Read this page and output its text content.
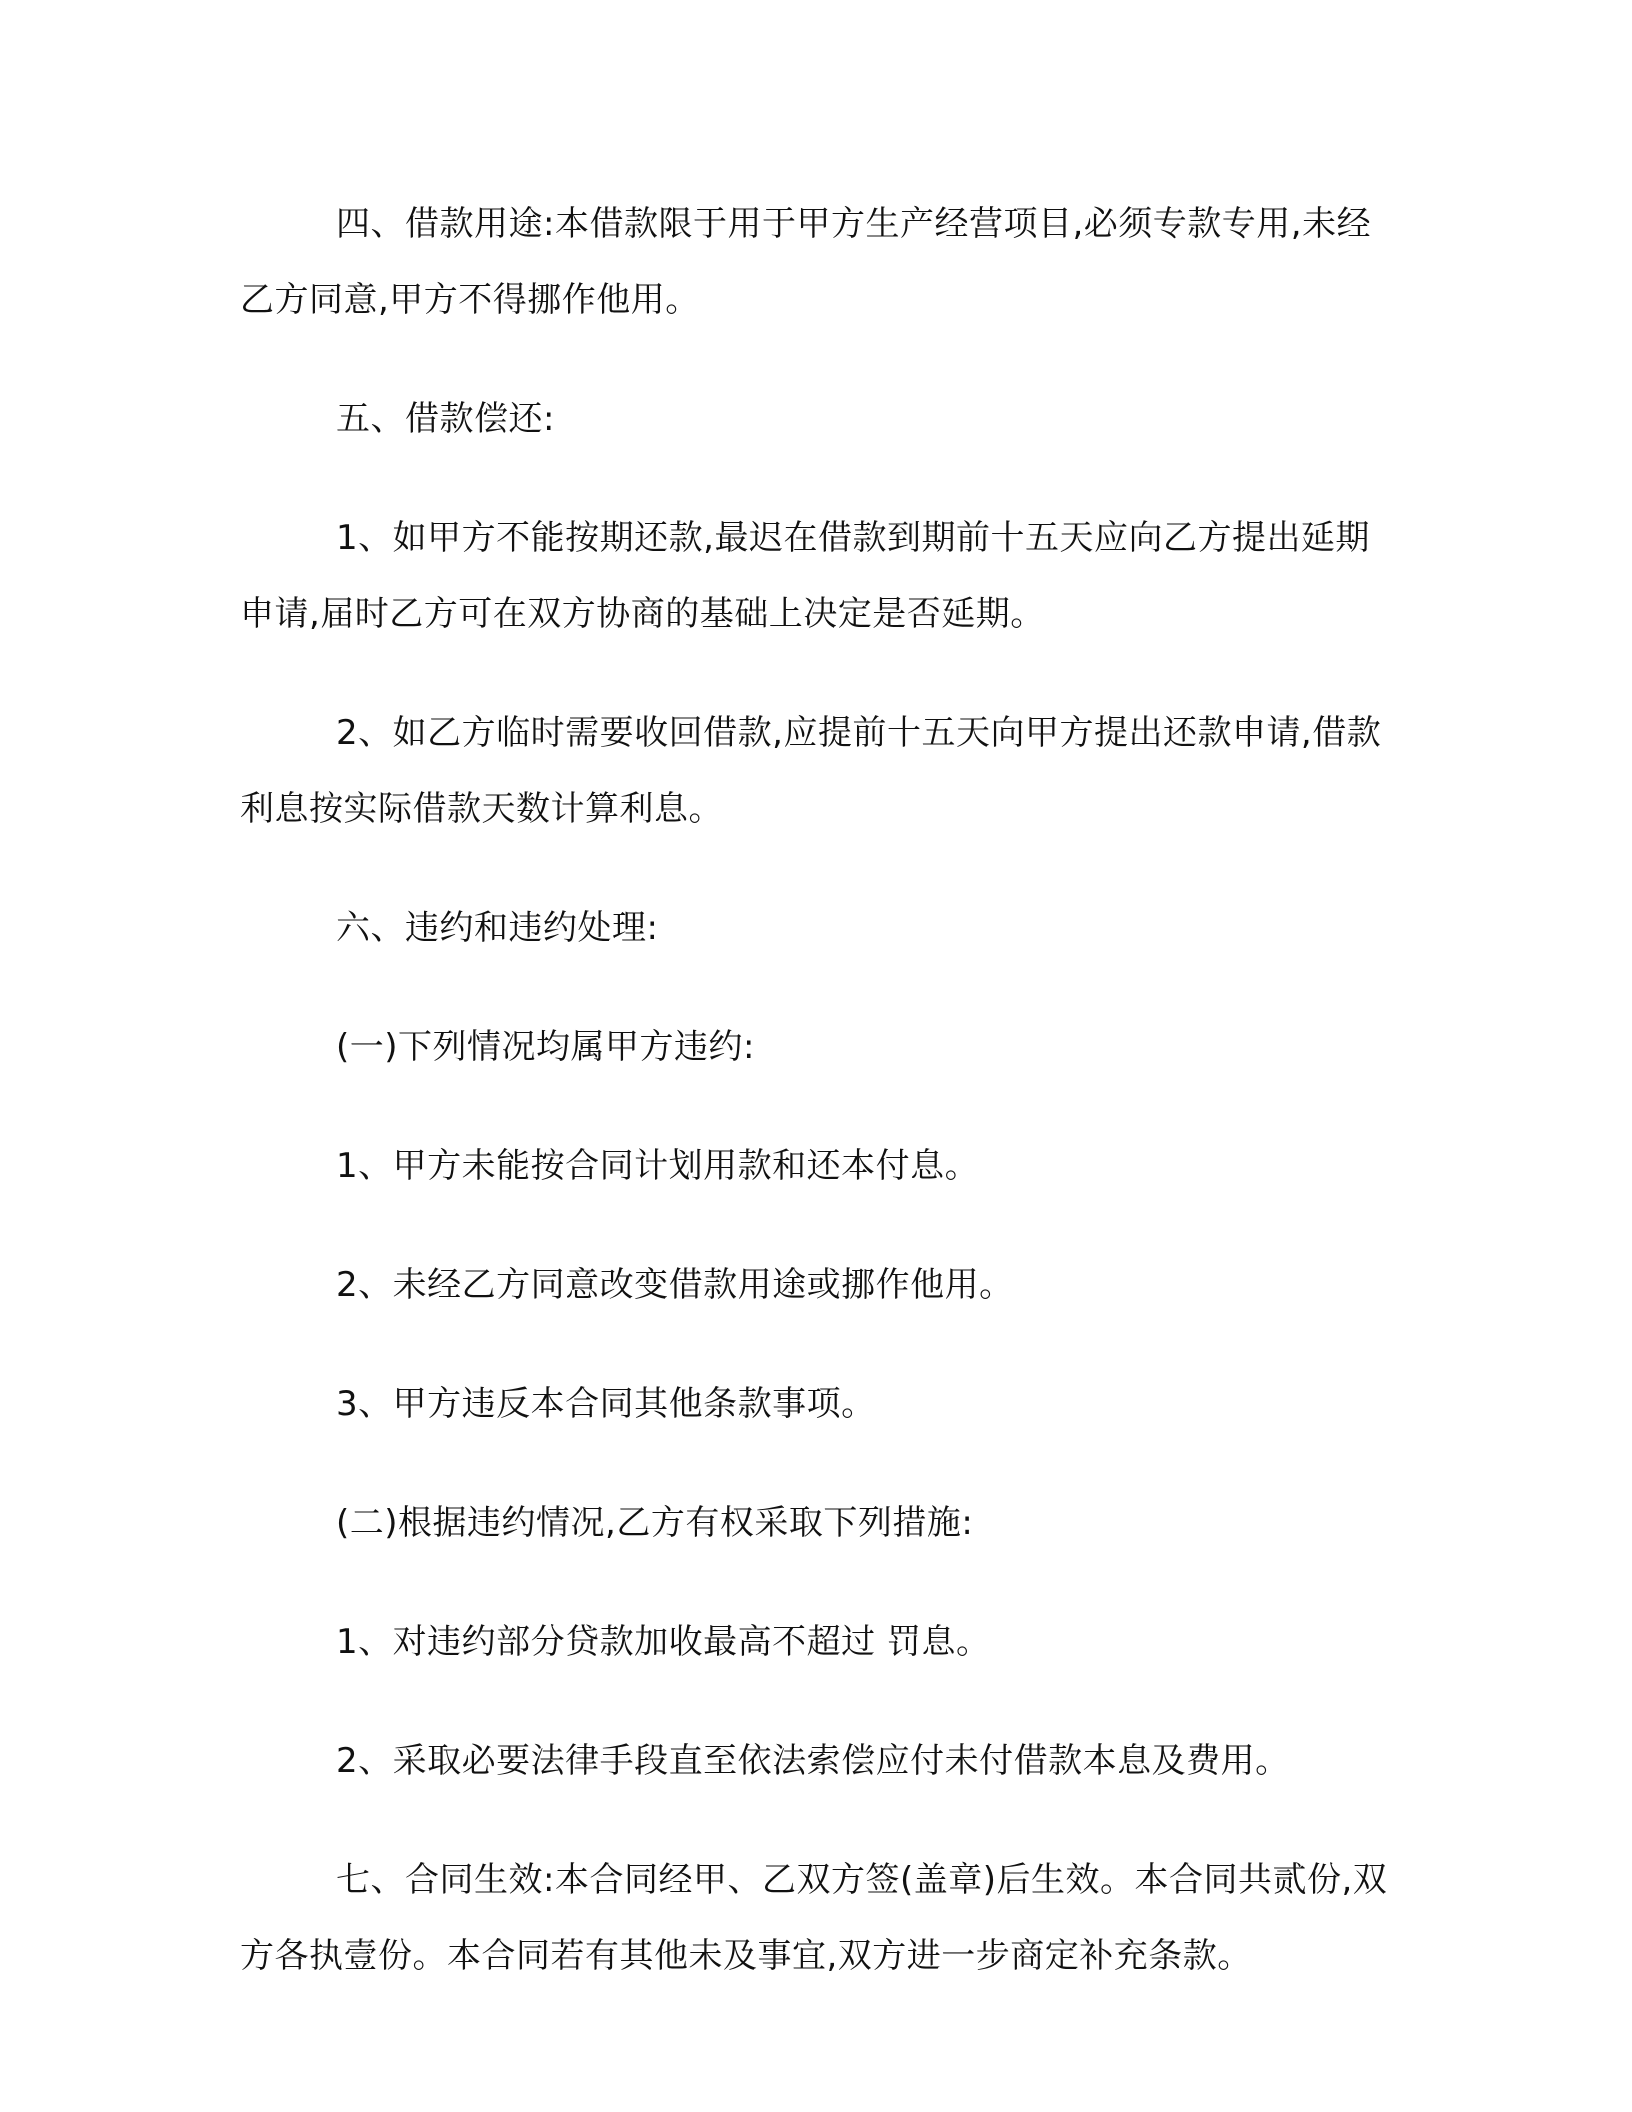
四、借款用途:本借款限于用于甲方生产经营项目,必须专款专用,未经乙方同意,甲方不得挪作他用。

五、借款偿还:

1、如甲方不能按期还款,最迟在借款到期前十五天应向乙方提出延期申请,届时乙方可在双方协商的基础上决定是否延期。

2、如乙方临时需要收回借款,应提前十五天向甲方提出还款申请,借款利息按实际借款天数计算利息。

六、违约和违约处理:

(一)下列情况均属甲方违约:

1、甲方未能按合同计划用款和还本付息。

2、未经乙方同意改变借款用途或挪作他用。

3、甲方违反本合同其他条款事项。

(二)根据违约情况,乙方有权采取下列措施:

1、对违约部分贷款加收最高不超过 罚息。

2、采取必要法律手段直至依法索偿应付未付借款本息及费用。

七、合同生效:本合同经甲、乙双方签(盖章)后生效。本合同共贰份,双方各执壹份。本合同若有其他未及事宜,双方进一步商定补充条款。
